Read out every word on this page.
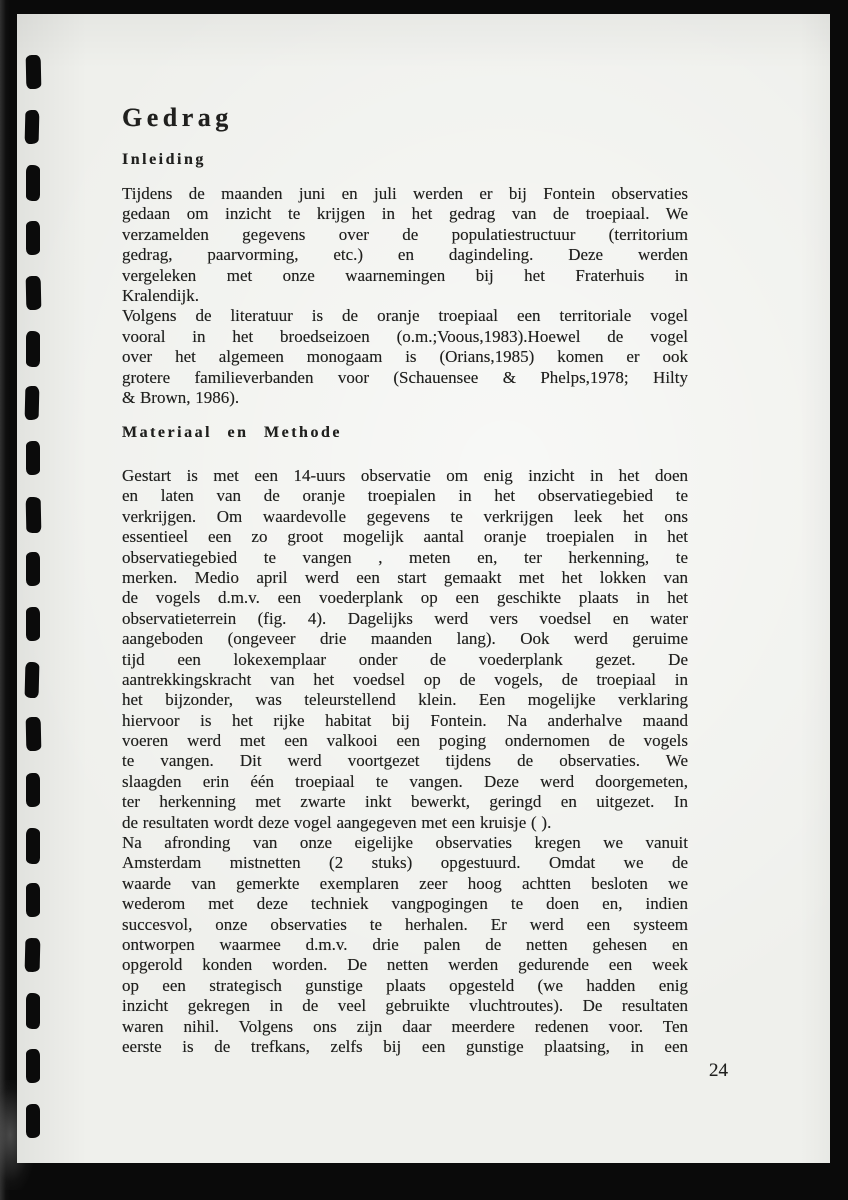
Gedrag
Inleiding
Tijdens de maanden juni en juli werden er bij Fontein observaties
gedaan om inzicht te krijgen in het gedrag van de troepiaal. We
verzamelden gegevens over de populatiestructuur (territorium
gedrag, paarvorming, etc.) en dagindeling. Deze werden
vergeleken met onze waarnemingen bij het Fraterhuis in
Kralendijk.
Volgens de literatuur is de oranje troepiaal een territoriale vogel
vooral in het broedseizoen (o.m.;Voous,1983).Hoewel de vogel
over het algemeen monogaam is (Orians,1985) komen er ook
grotere familieverbanden voor (Schauensee & Phelps,1978; Hilty
& Brown, 1986).
Materiaal en Methode
Gestart is met een 14-uurs observatie om enig inzicht in het doen
en laten van de oranje troepialen in het observatiegebied te
verkrijgen. Om waardevolle gegevens te verkrijgen leek het ons
essentieel een zo groot mogelijk aantal oranje troepialen in het
observatiegebied te vangen , meten en, ter herkenning, te
merken. Medio april werd een start gemaakt met het lokken van
de vogels d.m.v. een voederplank op een geschikte plaats in het
observatieterrein (fig. 4). Dagelijks werd vers voedsel en water
aangeboden (ongeveer drie maanden lang). Ook werd geruime
tijd een lokexemplaar onder de voederplank gezet. De
aantrekkingskracht van het voedsel op de vogels, de troepiaal in
het bijzonder, was teleurstellend klein. Een mogelijke verklaring
hiervoor is het rijke habitat bij Fontein. Na anderhalve maand
voeren werd met een valkooi een poging ondernomen de vogels
te vangen. Dit werd voortgezet tijdens de observaties. We
slaagden erin één troepiaal te vangen. Deze werd doorgemeten,
ter herkenning met zwarte inkt bewerkt, geringd en uitgezet. In
de resultaten wordt deze vogel aangegeven met een kruisje ( ).
Na afronding van onze eigelijke observaties kregen we vanuit
Amsterdam mistnetten (2 stuks) opgestuurd. Omdat we de
waarde van gemerkte exemplaren zeer hoog achtten besloten we
wederom met deze techniek vangpogingen te doen en, indien
succesvol, onze observaties te herhalen. Er werd een systeem
ontworpen waarmee d.m.v. drie palen de netten gehesen en
opgerold konden worden. De netten werden gedurende een week
op een strategisch gunstige plaats opgesteld (we hadden enig
inzicht gekregen in de veel gebruikte vluchtroutes). De resultaten
waren nihil. Volgens ons zijn daar meerdere redenen voor. Ten
eerste is de trefkans, zelfs bij een gunstige plaatsing, in een
24
